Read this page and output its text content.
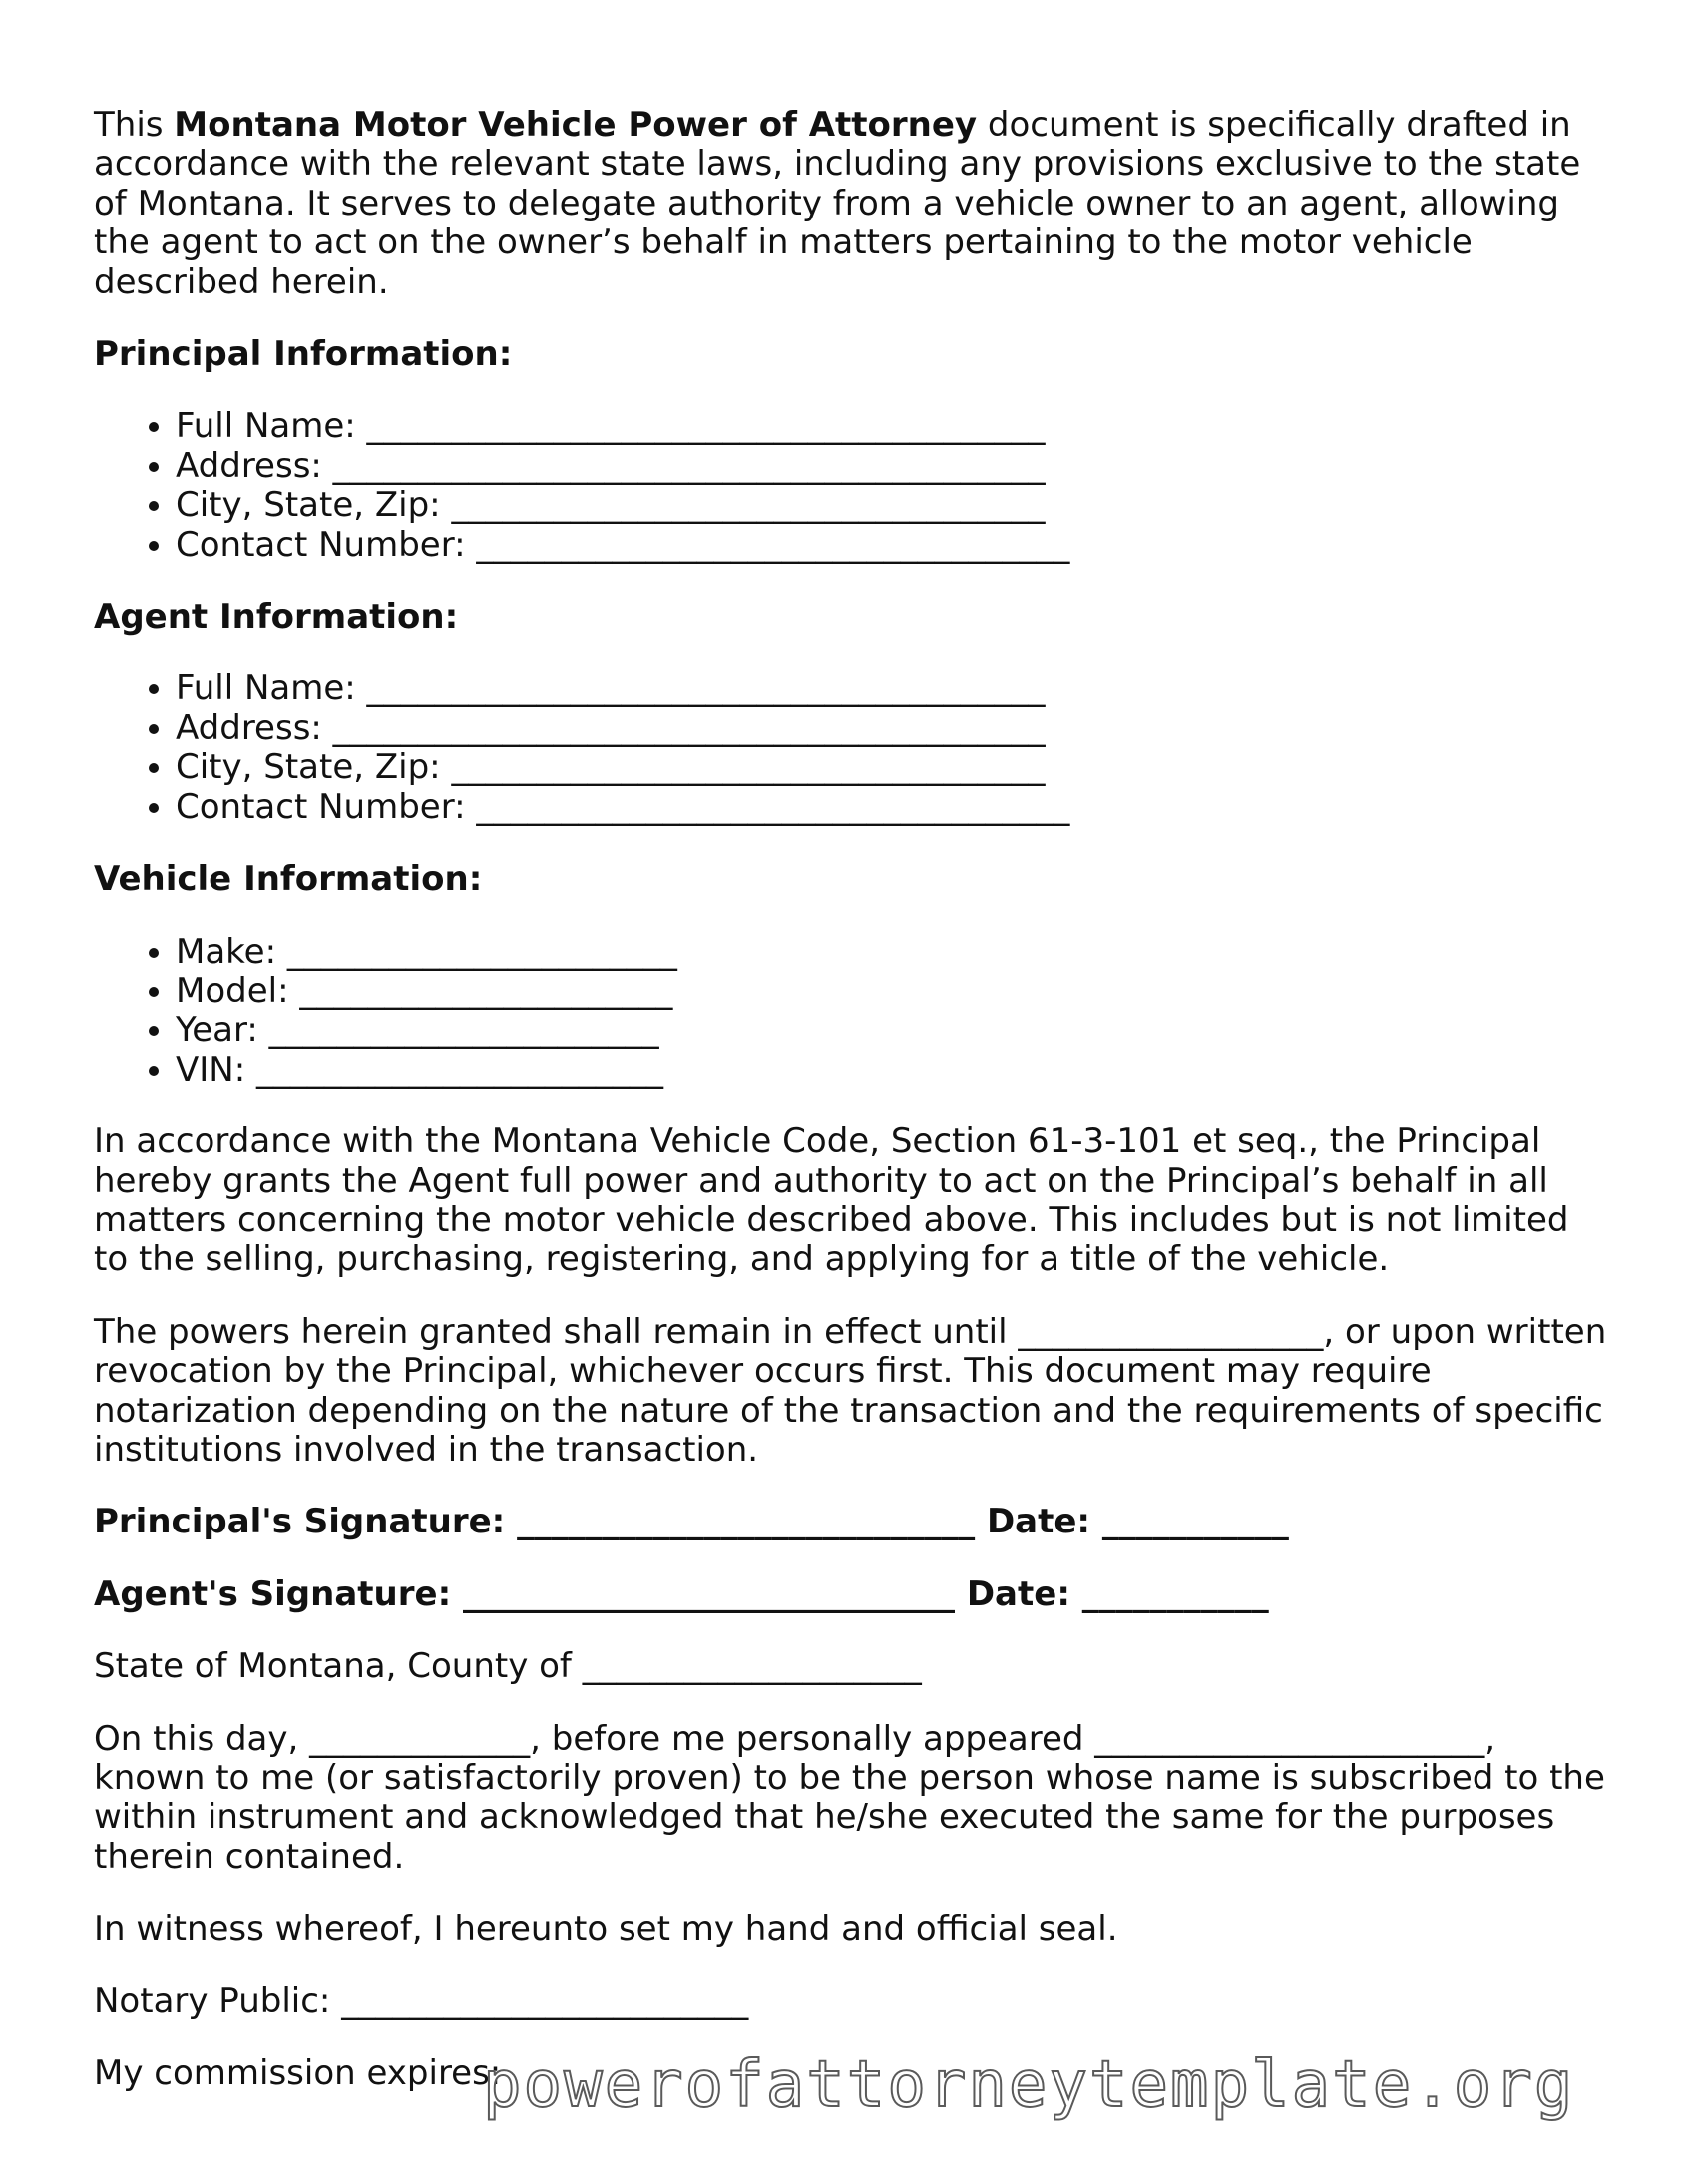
This Montana Motor Vehicle Power of Attorney document is specifically drafted in accordance with the relevant state laws, including any provisions exclusive to the state of Montana. It serves to delegate authority from a vehicle owner to an agent, allowing the agent to act on the owner’s behalf in matters pertaining to the motor vehicle described herein.

Principal Information:
• Full Name: ________________________________________
• Address: __________________________________________
• City, State, Zip: ___________________________________
• Contact Number: ___________________________________
Agent Information:
• Full Name: ________________________________________
• Address: __________________________________________
• City, State, Zip: ___________________________________
• Contact Number: ___________________________________
Vehicle Information:
• Make: _______________________
• Model: ______________________
• Year: _______________________
• VIN: ________________________

In accordance with the Montana Vehicle Code, Section 61-3-101 et seq., the Principal hereby grants the Agent full power and authority to act on the Principal’s behalf in all matters concerning the motor vehicle described above. This includes but is not limited to the selling, purchasing, registering, and applying for a title of the vehicle.

The powers herein granted shall remain in effect until __________________, or upon written revocation by the Principal, whichever occurs first. This document may require notarization depending on the nature of the transaction and the requirements of specific institutions involved in the transaction.

Principal's Signature: ___________________________ Date: ___________
Agent's Signature: _____________________________ Date: ___________

State of Montana, County of ____________________

On this day, _____________, before me personally appeared _______________________, known to me (or satisfactorily proven) to be the person whose name is subscribed to the within instrument and acknowledged that he/she executed the same for the purposes therein contained.

In witness whereof, I hereunto set my hand and official seal.

Notary Public: ________________________

My commission expires:

powerofattorneytemplate.org
